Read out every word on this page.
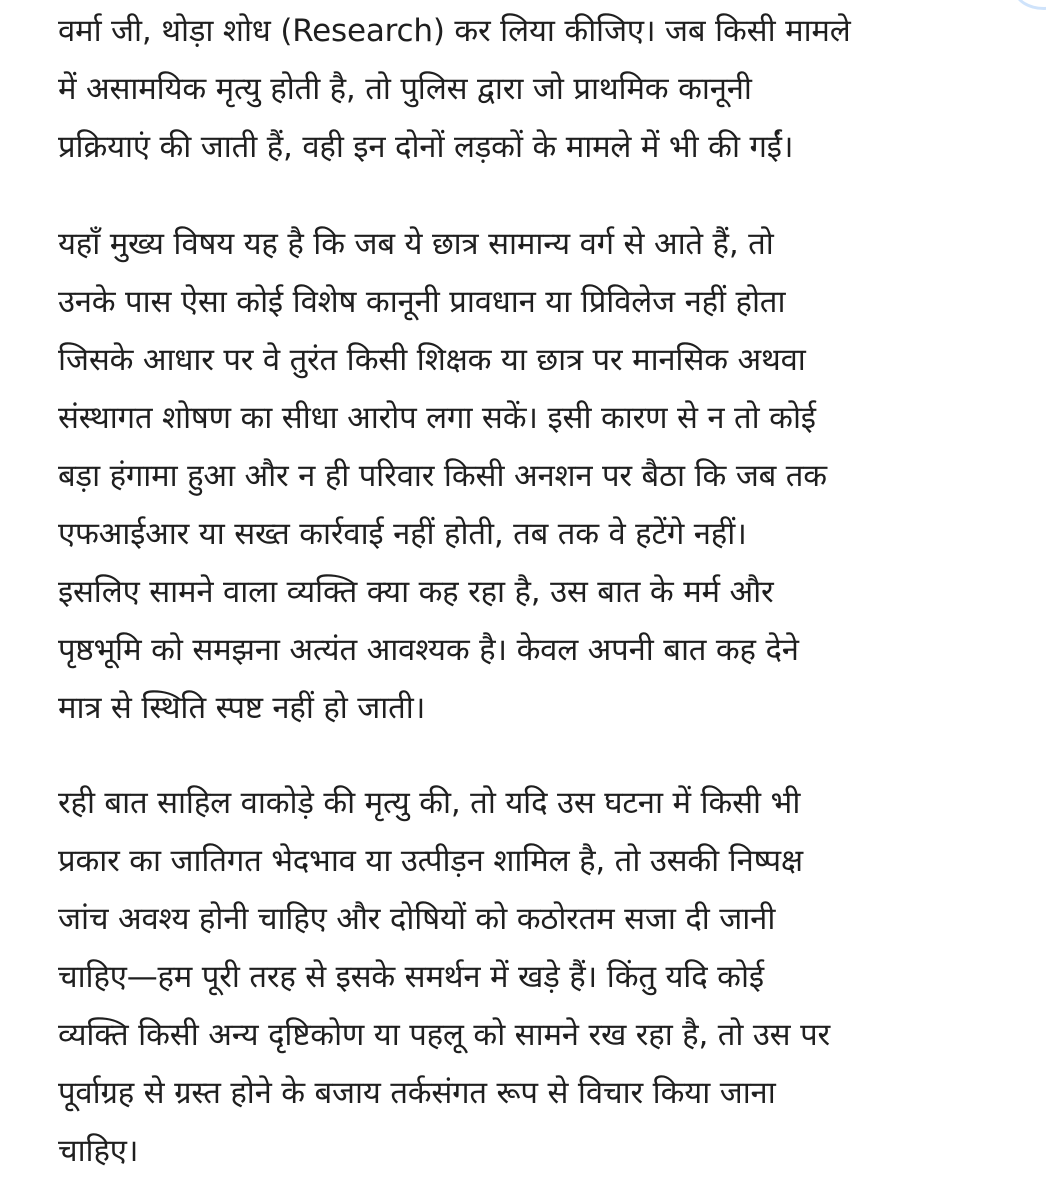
वर्मा जी, थोड़ा शोध (Research) कर लिया कीजिए। जब किसी मामले
में असामयिक मृत्यु होती है, तो पुलिस द्वारा जो प्राथमिक कानूनी
प्रक्रियाएं की जाती हैं, वही इन दोनों लड़कों के मामले में भी की गईं।

यहाँ मुख्य विषय यह है कि जब ये छात्र सामान्य वर्ग से आते हैं, तो
उनके पास ऐसा कोई विशेष कानूनी प्रावधान या प्रिविलेज नहीं होता
जिसके आधार पर वे तुरंत किसी शिक्षक या छात्र पर मानसिक अथवा
संस्थागत शोषण का सीधा आरोप लगा सकें। इसी कारण से न तो कोई
बड़ा हंगामा हुआ और न ही परिवार किसी अनशन पर बैठा कि जब तक
एफआईआर या सख्त कार्रवाई नहीं होती, तब तक वे हटेंगे नहीं।
इसलिए सामने वाला व्यक्ति क्या कह रहा है, उस बात के मर्म और
पृष्ठभूमि को समझना अत्यंत आवश्यक है। केवल अपनी बात कह देने
मात्र से स्थिति स्पष्ट नहीं हो जाती।

रही बात साहिल वाकोड़े की मृत्यु की, तो यदि उस घटना में किसी भी
प्रकार का जातिगत भेदभाव या उत्पीड़न शामिल है, तो उसकी निष्पक्ष
जांच अवश्य होनी चाहिए और दोषियों को कठोरतम सजा दी जानी
चाहिए—हम पूरी तरह से इसके समर्थन में खड़े हैं। किंतु यदि कोई
व्यक्ति किसी अन्य दृष्टिकोण या पहलू को सामने रख रहा है, तो उस पर
पूर्वाग्रह से ग्रस्त होने के बजाय तर्कसंगत रूप से विचार किया जाना
चाहिए।
